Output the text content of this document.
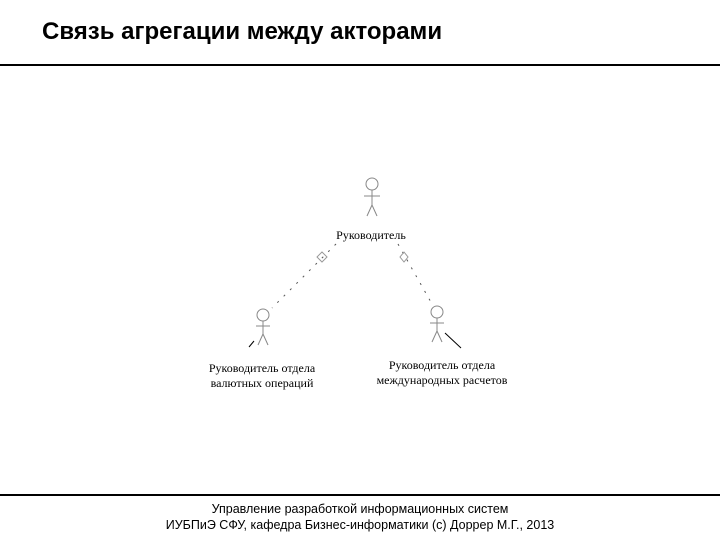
Связь агрегации между акторами
Руководитель
Руководитель отдела
валютных операций
Руководитель отдела
международных расчетов
Управление разработкой информационных систем
ИУБПиЭ СФУ, кафедра Бизнес-информатики (c) Доррер М.Г., 2013
